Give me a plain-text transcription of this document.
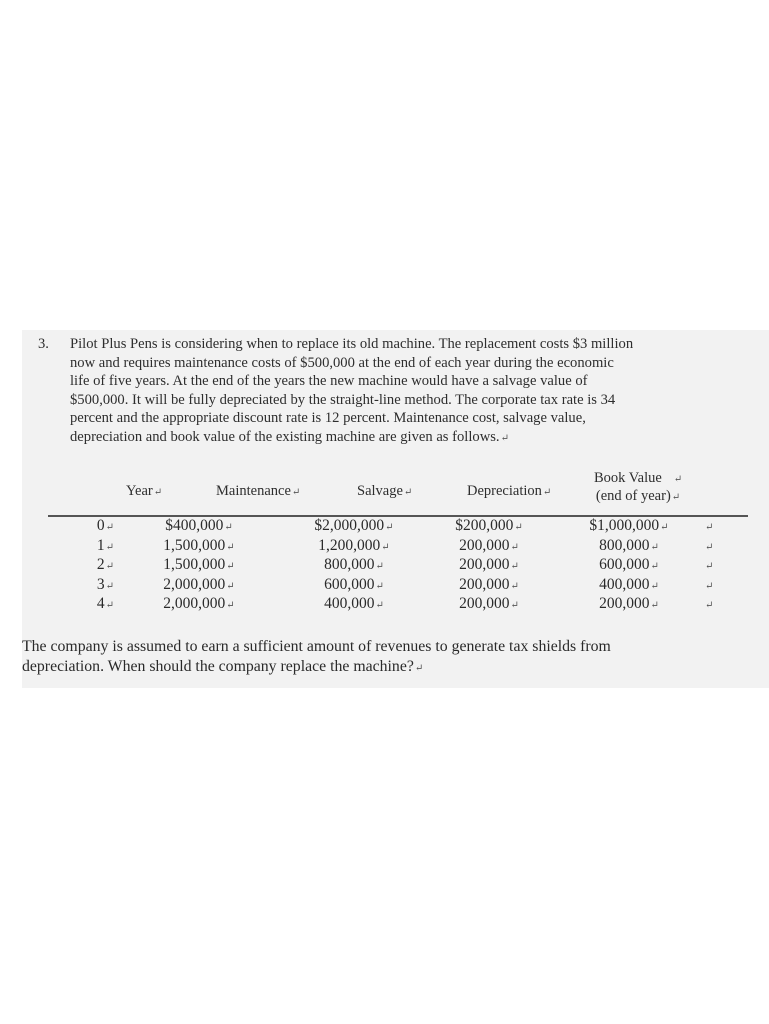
3. Pilot Plus Pens is considering when to replace its old machine. The replacement costs $3 million

now and requires maintenance costs of $500,000 at the end of each year during the economic

life of five years. At the end of the years the new machine would have a salvage value of

$500,000. It will be fully depreciated by the straight-line method. The corporate tax rate is 34

percent and the appropriate discount rate is 12 percent. Maintenance cost, salvage value,

depreciation and book value of the existing machine are given as follows.↵

Year↵	Maintenance↵	Salvage↵	Depreciation↵
Book Value ↵
(end of year)↵
0↵	$400,000↵	$2,000,000↵	$200,000↵	$1,000,000↵	↵
1↵	1,500,000↵	1,200,000↵	200,000↵	800,000↵	↵
2↵	1,500,000↵	800,000↵	200,000↵	600,000↵	↵
3↵	2,000,000↵	600,000↵	200,000↵	400,000↵	↵
4↵	2,000,000↵	400,000↵	200,000↵	200,000↵	↵

The company is assumed to earn a sufficient amount of revenues to generate tax shields from

depreciation. When should the company replace the machine?↵
